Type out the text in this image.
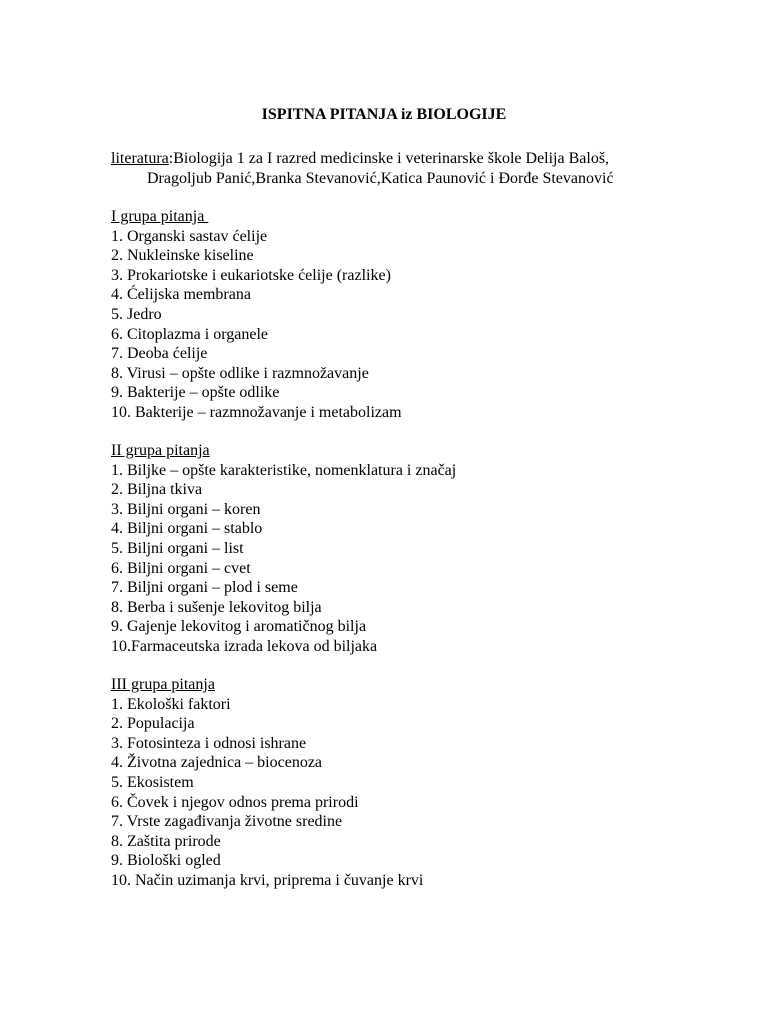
ISPITNA PITANJA iz BIOLOGIJE
literatura:Biologija 1 za I razred medicinske i veterinarske škole Delija Baloš,
Dragoljub Panić,Branka Stevanović,Katica Paunović i Đorđe Stevanović
I grupa pitanja
1. Organski sastav ćelije
2. Nukleinske kiseline
3. Prokariotske i eukariotske ćelije (razlike)
4. Ćelijska membrana
5. Jedro
6. Citoplazma i organele
7. Deoba ćelije
8. Virusi – opšte odlike i razmnožavanje
9. Bakterije – opšte odlike
10. Bakterije – razmnožavanje i metabolizam
II grupa pitanja
1. Biljke – opšte karakteristike, nomenklatura i značaj
2. Biljna tkiva
3. Biljni organi – koren
4. Biljni organi – stablo
5. Biljni organi – list
6. Biljni organi – cvet
7. Biljni organi – plod i seme
8. Berba i sušenje lekovitog bilja
9. Gajenje lekovitog i aromatičnog bilja
10.Farmaceutska izrada lekova od biljaka
III grupa pitanja
1. Ekološki faktori
2. Populacija
3. Fotosinteza i odnosi ishrane
4. Životna zajednica – biocenoza
5. Ekosistem
6. Čovek i njegov odnos prema prirodi
7. Vrste zagađivanja životne sredine
8. Zaštita prirode
9. Biološki ogled
10. Način uzimanja krvi, priprema i čuvanje krvi
